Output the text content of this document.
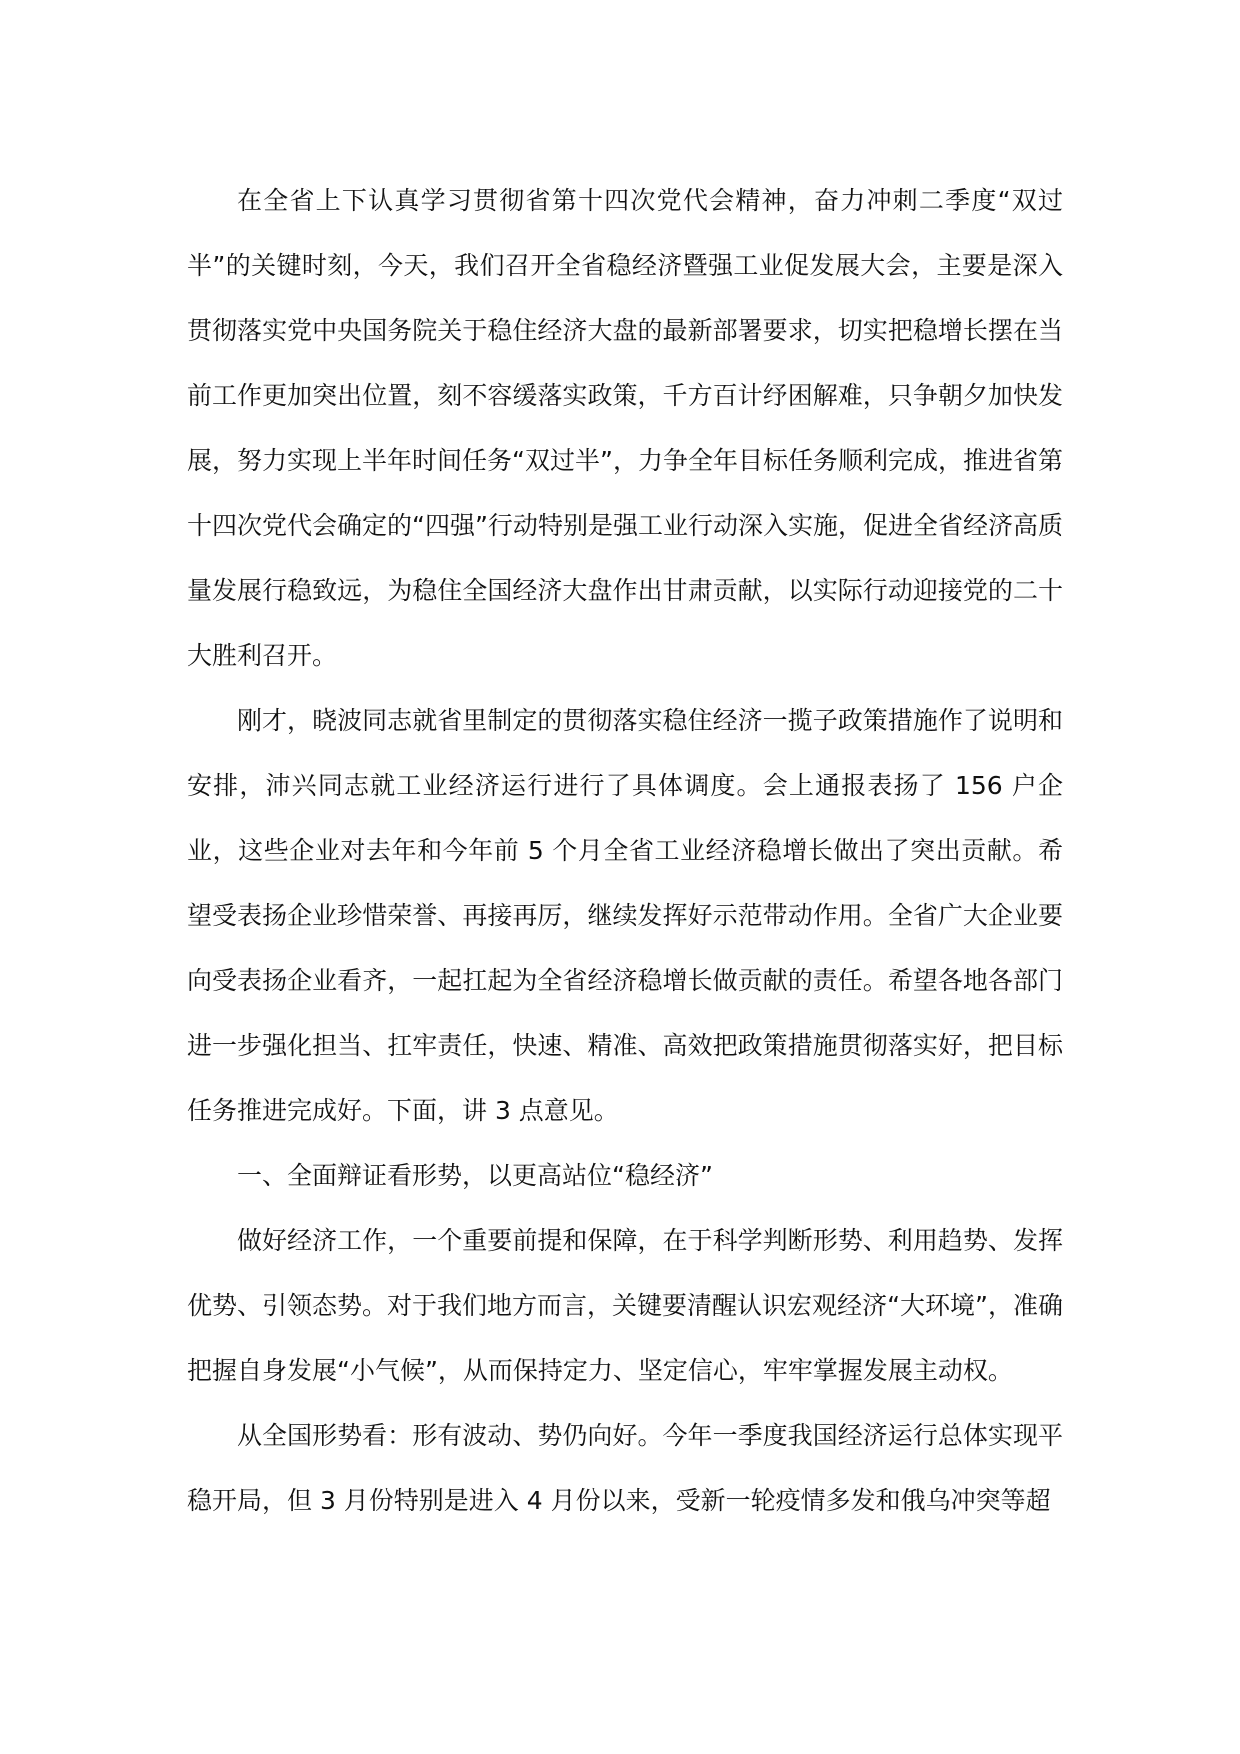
在全省上下认真学习贯彻省第十四次党代会精神，奋力冲刺二季度“双过半”的关键时刻，今天，我们召开全省稳经济暨强工业促发展大会，主要是深入贯彻落实党中央国务院关于稳住经济大盘的最新部署要求，切实把稳增长摆在当前工作更加突出位置，刻不容缓落实政策，千方百计纾困解难，只争朝夕加快发展，努力实现上半年时间任务“双过半”，力争全年目标任务顺利完成，推进省第十四次党代会确定的“四强”行动特别是强工业行动深入实施，促进全省经济高质量发展行稳致远，为稳住全国经济大盘作出甘肃贡献，以实际行动迎接党的二十大胜利召开。

刚才，晓波同志就省里制定的贯彻落实稳住经济一揽子政策措施作了说明和安排，沛兴同志就工业经济运行进行了具体调度。会上通报表扬了 156 户企业，这些企业对去年和今年前 5 个月全省工业经济稳增长做出了突出贡献。希望受表扬企业珍惜荣誉、再接再厉，继续发挥好示范带动作用。全省广大企业要向受表扬企业看齐，一起扛起为全省经济稳增长做贡献的责任。希望各地各部门进一步强化担当、扛牢责任，快速、精准、高效把政策措施贯彻落实好，把目标任务推进完成好。下面，讲 3 点意见。

一、全面辩证看形势，以更高站位“稳经济”

做好经济工作，一个重要前提和保障，在于科学判断形势、利用趋势、发挥优势、引领态势。对于我们地方而言，关键要清醒认识宏观经济“大环境”，准确把握自身发展“小气候”，从而保持定力、坚定信心，牢牢掌握发展主动权。

从全国形势看：形有波动、势仍向好。今年一季度我国经济运行总体实现平稳开局，但 3 月份特别是进入 4 月份以来，受新一轮疫情多发和俄乌冲突等超
